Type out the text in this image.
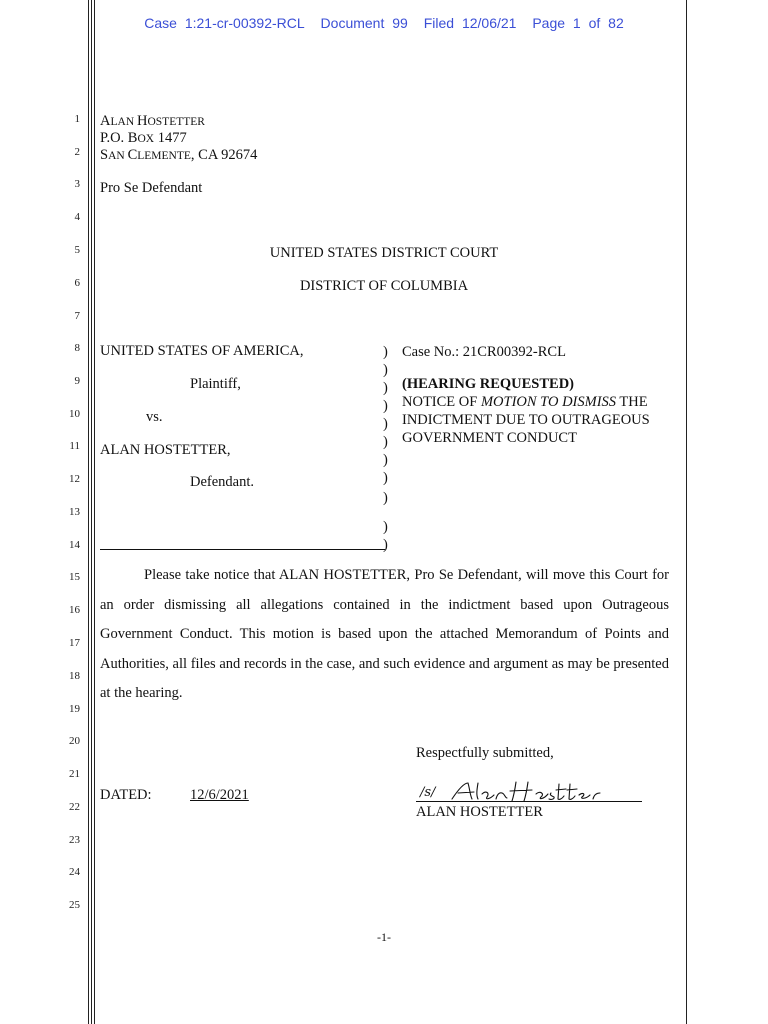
Case 1:21-cr-00392-RCL Document 99 Filed 12/06/21 Page 1 of 82
1
2
3
4
5
6
7
8
9
10
11
12
13
14
15
16
17
18
19
20
21
22
23
24
25
ALAN HOSTETTER
P.O. BOX 1477
SAN CLEMENTE, CA 92674
Pro Se Defendant
UNITED STATES DISTRICT COURT
DISTRICT OF COLUMBIA
UNITED STATES OF AMERICA,
Plaintiff,
vs.
ALAN HOSTETTER,
Defendant.
)
)
)
)
)
)
)
)
)
)
)
Case No.: 21CR00392-RCL
(HEARING REQUESTED)
NOTICE OF MOTION TO DISMISS THE
INDICTMENT DUE TO OUTRAGEOUS
GOVERNMENT CONDUCT
Please take notice that ALAN HOSTETTER, Pro Se Defendant, will move this Court for an order dismissing all allegations contained in the indictment based upon Outrageous Government Conduct. This motion is based upon the attached Memorandum of Points and Authorities, all files and records in the case, and such evidence and argument as may be presented at the hearing.
Respectfully submitted,
DATED:	12/6/2021	/s/
ALAN HOSTETTER
-1-
